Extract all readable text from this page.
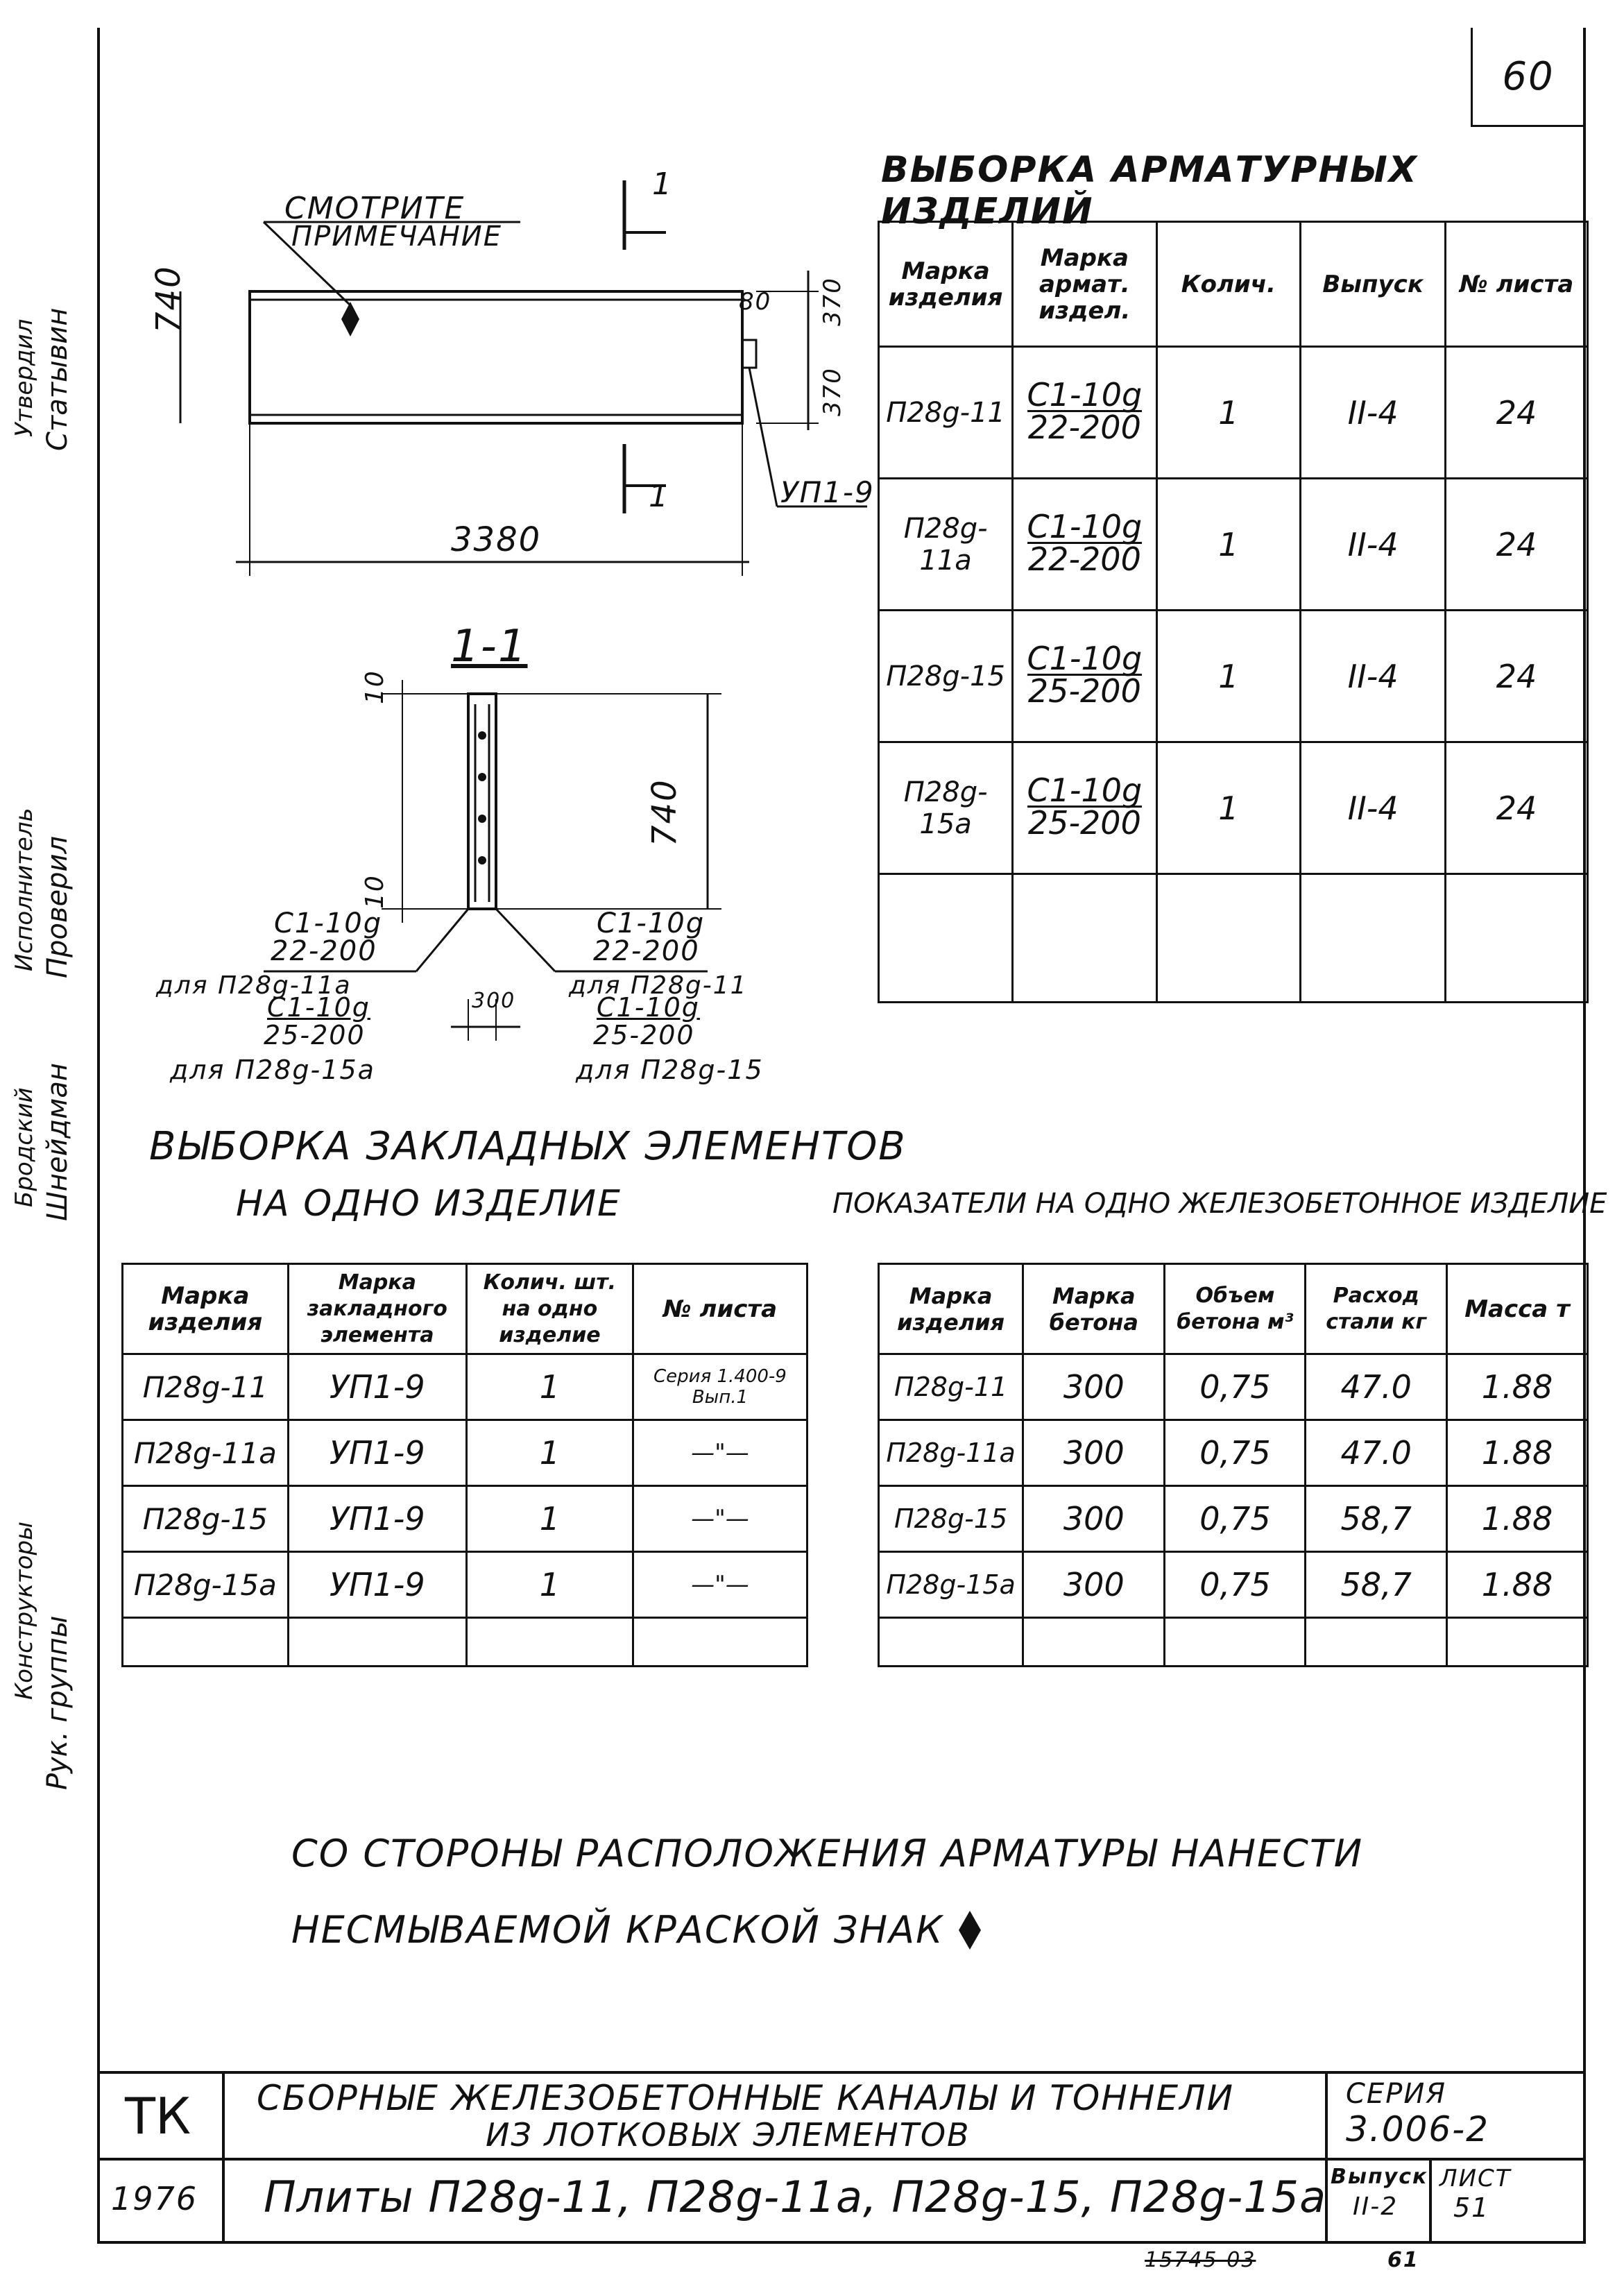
60
Статывин
Утвердил
Проверил
Исполнитель
Шнейдман
Бродский
Рук. группы
Конструкторы
ВЫБОРКА АРМАТУРНЫХ ИЗДЕЛИЙ
Марка изделия	Марка армат. издел.	Колич.	Выпуск	№ листа
П28g-11	$\frac{С1-10g}{22-200}$	1	II-4	24
П28g-11a	$\frac{С1-10g}{22-200}$	1	II-4	24
П28g-15	$\frac{С1-10g}{25-200}$	1	II-4	24
П28g-15a	$\frac{С1-10g}{25-200}$	1	II-4	24

СМОТРИТЕ
ПРИМЕЧАНИЕ
1
1
740
3380
80 370
370
УП1-9
1-1
10
10
740
300
С1-10g
22-200
для П28g-11a
С1-10g
25-200
для П28g-15a
С1-10g
22-200
для П28g-11
С1-10g
25-200
для П28g-15
ВЫБОРКА ЗАКЛАДНЫХ ЭЛЕМЕНТОВ
НА ОДНО ИЗДЕЛИЕ	ПОКАЗАТЕЛИ НА ОДНО ЖЕЛЕЗОБЕТОННОЕ ИЗДЕЛИЕ
Марка изделия	Марка закладного элемента	Колич. шт. на одно изделие	№ листа
П28g-11	УП1-9	1	Серия 1.400-9 Вып.1
П28g-11a	УП1-9	1	—"—
П28g-15	УП1-9	1	—"—
П28g-15a	УП1-9	1	—"—

Марка изделия	Марка бетона	Объем бетона м³	Расход стали кг	Масса т
П28g-11	300	0,75	47.0	1.88
П28g-11a	300	0,75	47.0	1.88
П28g-15	300	0,75	58,7	1.88
П28g-15a	300	0,75	58,7	1.88

СО СТОРОНЫ РАСПОЛОЖЕНИЯ АРМАТУРЫ НАНЕСТИ
НЕСМЫВАЕМОЙ КРАСКОЙ ЗНАК
ТК
1976
СБОРНЫЕ ЖЕЛЕЗОБЕТОННЫЕ КАНАЛЫ И ТОННЕЛИ
ИЗ ЛОТКОВЫХ ЭЛЕМЕНТОВ
Плиты П28g-11, П28g-11a, П28g-15, П28g-15a
СЕРИЯ
3.006-2
Выпуск
II-2
ЛИСТ
51
15745-03	61
